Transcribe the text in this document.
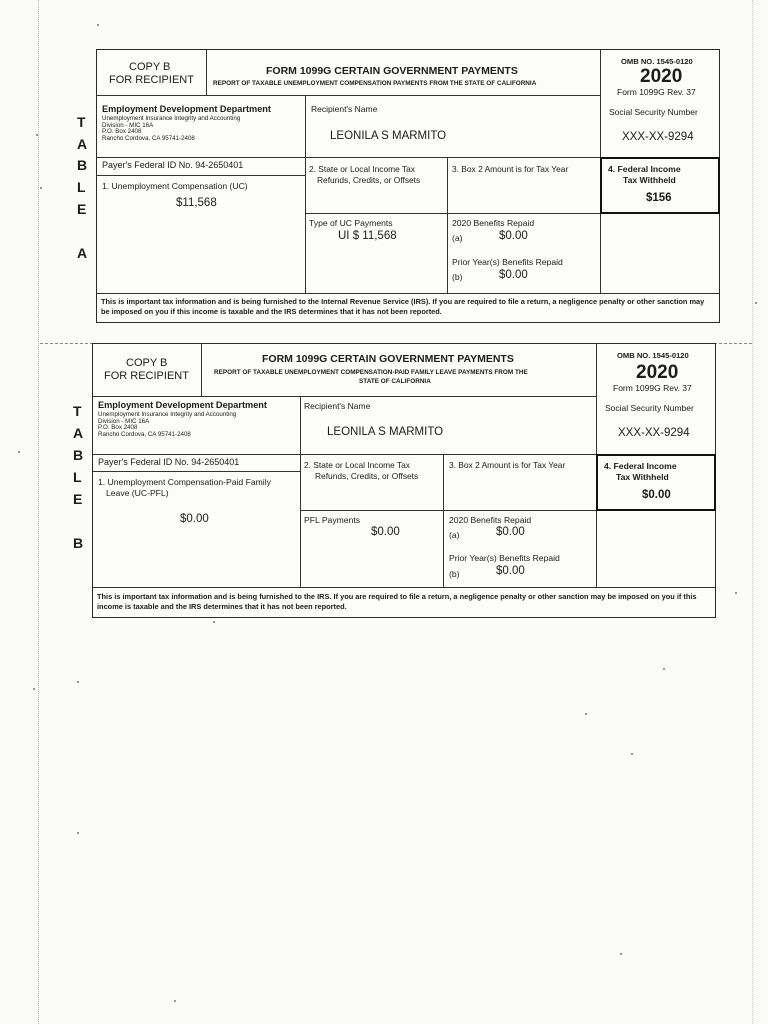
T
A
B
L
E
A
T
A
B
L
E
B
COPY B
FOR RECIPIENT
FORM 1099G CERTAIN GOVERNMENT PAYMENTS
REPORT OF TAXABLE UNEMPLOYMENT COMPENSATION PAYMENTS FROM THE STATE OF CALIFORNIA
OMB NO. 1545-0120
2020
Form 1099G Rev. 37
Employment Development Department
Unemployment Insurance Integrity and Accounting
Division - MIC 16A
P.O. Box 2408
Rancho Cordova, CA 95741-2408
Recipient's Name
LEONILA S MARMITO
Social Security Number
XXX-XX-9294
Payer's Federal ID No. 94-2650401
1. Unemployment Compensation (UC)
$11,568
2. State or Local Income Tax
Refunds, Credits, or Offsets
3. Box 2 Amount is for Tax Year
Type of UC Payments
UI $ 11,568
2020 Benefits Repaid
(a)	$0.00
Prior Year(s) Benefits Repaid
(b)	$0.00
4. Federal Income
Tax Withheld
$156
This is important tax information and is being furnished to the Internal Revenue Service (IRS). If you are required to file a return, a negligence penalty or other sanction may be imposed on you if this income is taxable and the IRS determines that it has not been reported.
COPY B
FOR RECIPIENT
FORM 1099G CERTAIN GOVERNMENT PAYMENTS
REPORT OF TAXABLE UNEMPLOYMENT COMPENSATION-PAID FAMILY LEAVE PAYMENTS FROM THE
STATE OF CALIFORNIA
OMB NO. 1545-0120
2020
Form 1099G Rev. 37
Employment Development Department
Unemployment Insurance Integrity and Accounting
Division - MIC 16A
P.O. Box 2408
Rancho Cordova, CA 95741-2408
Recipient's Name
LEONILA S MARMITO
Social Security Number
XXX-XX-9294
Payer's Federal ID No. 94-2650401
1. Unemployment Compensation-Paid Family
Leave (UC-PFL)
$0.00
2. State or Local Income Tax
Refunds, Credits, or Offsets
3. Box 2 Amount is for Tax Year
PFL Payments
$0.00
2020 Benefits Repaid
(a)	$0.00
Prior Year(s) Benefits Repaid
(b)	$0.00
4. Federal Income
Tax Withheld
$0.00
This is important tax information and is being furnished to the IRS. If you are required to file a return, a negligence penalty or other sanction may be imposed on you if this income is taxable and the IRS determines that it has not been reported.
